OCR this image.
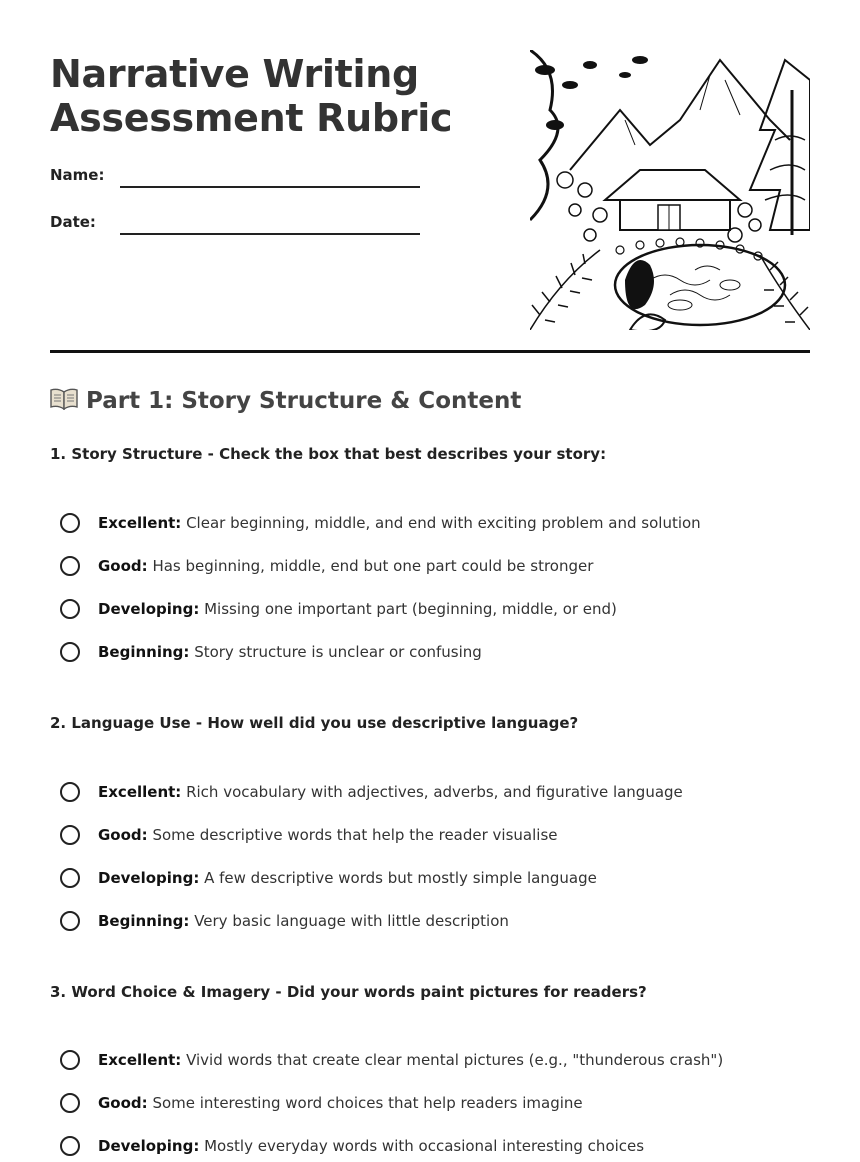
Narrative Writing
Assessment Rubric
Name:
Date:
Part 1: Story Structure & Content

1. Story Structure - Check the box that best describes your story:

Excellent: Clear beginning, middle, and end with exciting problem and solution
Good: Has beginning, middle, end but one part could be stronger
Developing: Missing one important part (beginning, middle, or end)
Beginning: Story structure is unclear or confusing

2. Language Use - How well did you use descriptive language?

Excellent: Rich vocabulary with adjectives, adverbs, and figurative language
Good: Some descriptive words that help the reader visualise
Developing: A few descriptive words but mostly simple language
Beginning: Very basic language with little description

3. Word Choice & Imagery - Did your words paint pictures for readers?

Excellent: Vivid words that create clear mental pictures (e.g., "thunderous crash")
Good: Some interesting word choices that help readers imagine
Developing: Mostly everyday words with occasional interesting choices
